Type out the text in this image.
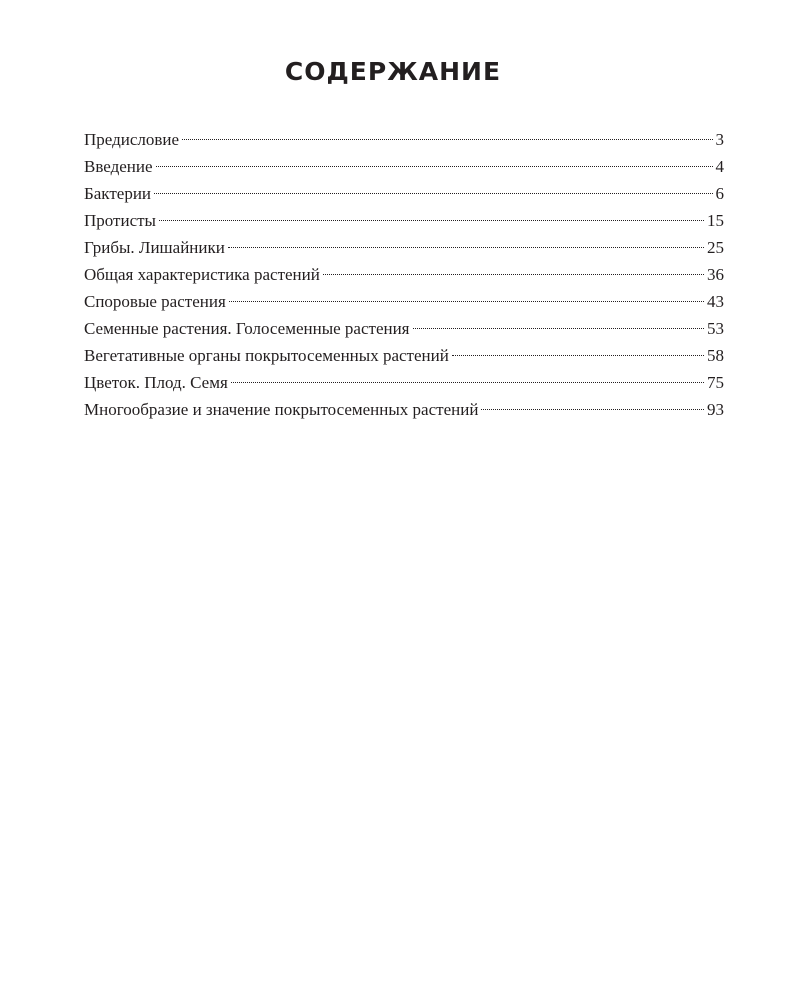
СОДЕРЖАНИЕ
Предисловие	3
Введение	4
Бактерии	6
Протисты	15
Грибы. Лишайники	25
Общая характеристика растений	36
Споровые растения	43
Семенные растения. Голосеменные растения	53
Вегетативные органы покрытосеменных растений	58
Цветок. Плод. Семя	75
Многообразие и значение покрытосеменных растений	93
